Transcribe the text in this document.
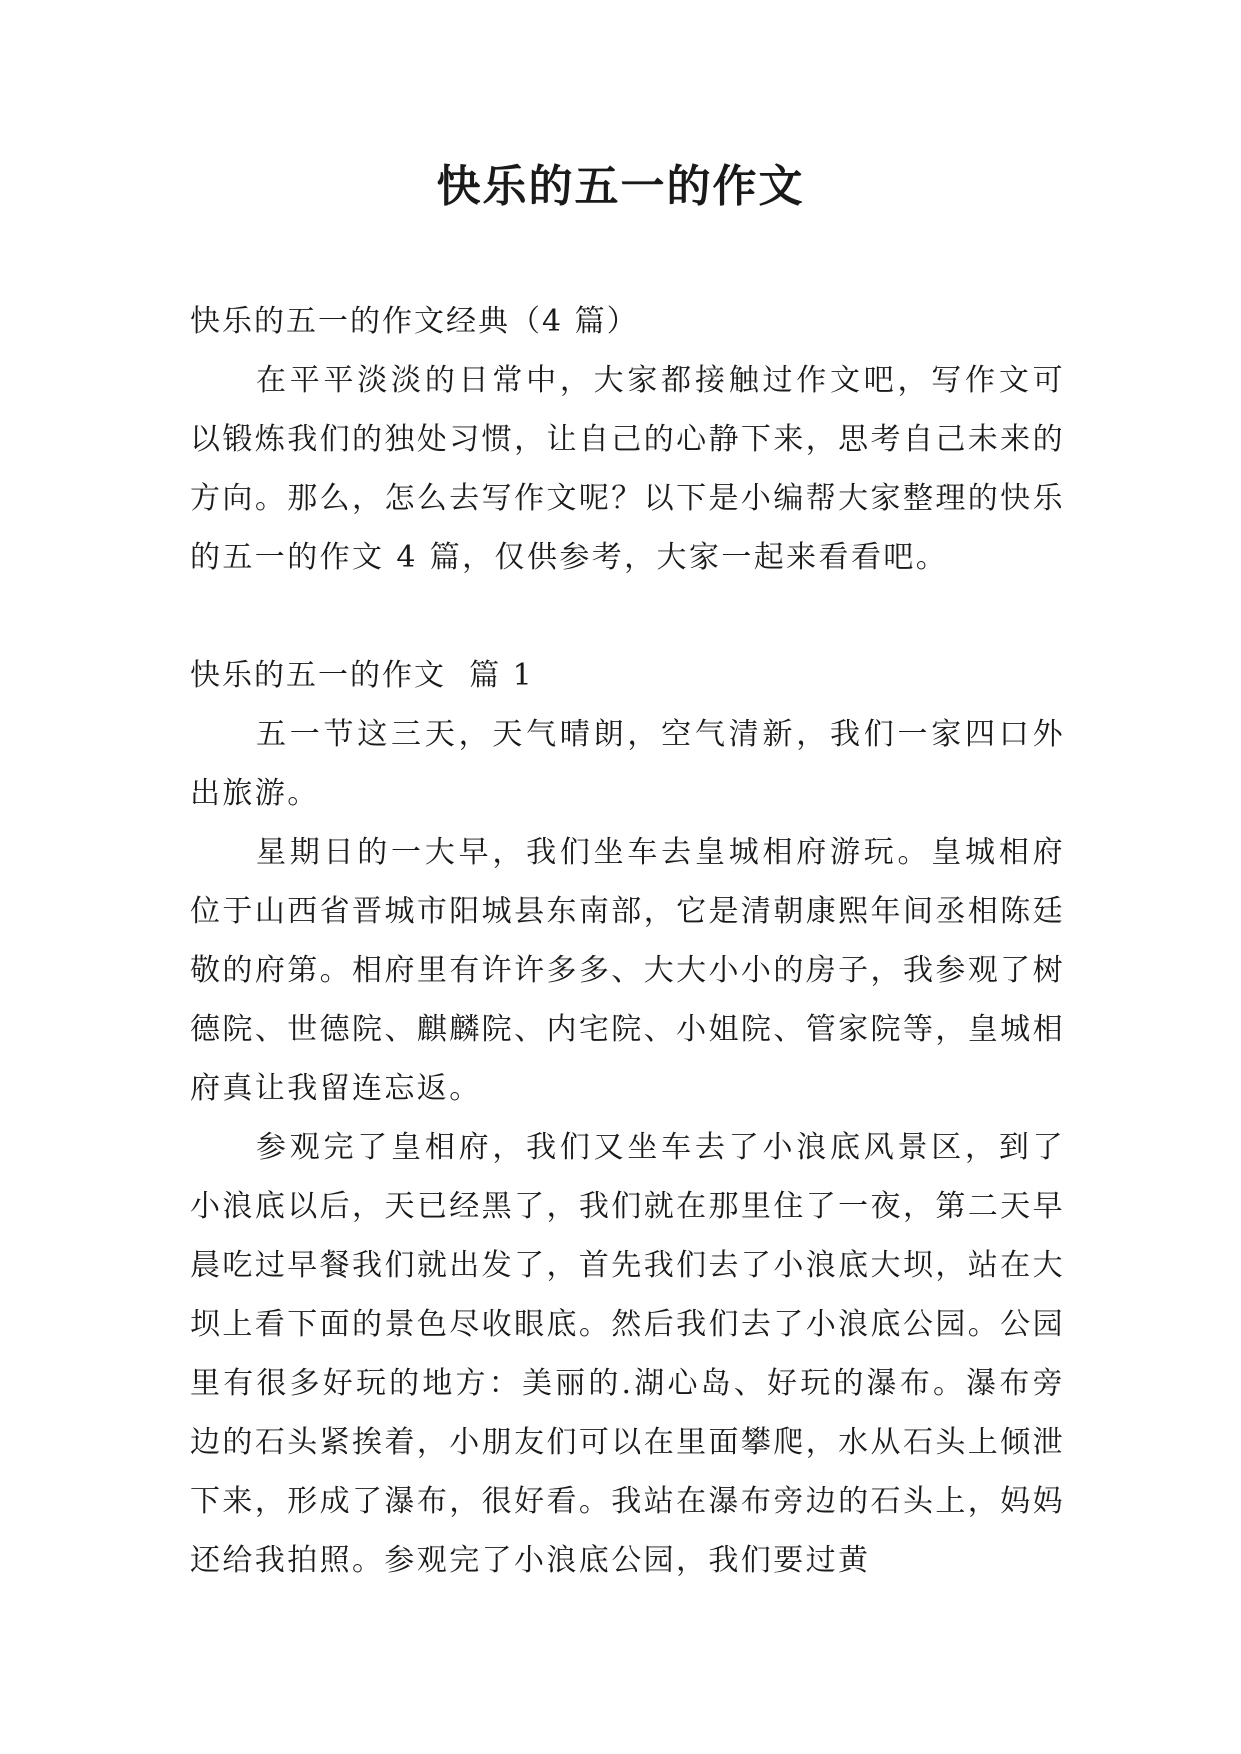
快乐的五一的作文

快乐的五一的作文经典（4 篇）

在平平淡淡的日常中，大家都接触过作文吧，写作文可以锻炼我们的独处习惯，让自己的心静下来，思考自己未来的方向。那么，怎么去写作文呢？以下是小编帮大家整理的快乐的五一的作文 4 篇，仅供参考，大家一起来看看吧。

快乐的五一的作文  篇 1

五一节这三天，天气晴朗，空气清新，我们一家四口外出旅游。

星期日的一大早，我们坐车去皇城相府游玩。皇城相府位于山西省晋城市阳城县东南部，它是清朝康熙年间丞相陈廷敬的府第。相府里有许许多多、大大小小的房子，我参观了树德院、世德院、麒麟院、内宅院、小姐院、管家院等，皇城相府真让我留连忘返。

参观完了皇相府，我们又坐车去了小浪底风景区，到了小浪底以后，天已经黑了，我们就在那里住了一夜，第二天早晨吃过早餐我们就出发了，首先我们去了小浪底大坝，站在大坝上看下面的景色尽收眼底。然后我们去了小浪底公园。公园里有很多好玩的地方：美丽的.湖心岛、好玩的瀑布。瀑布旁边的石头紧挨着，小朋友们可以在里面攀爬，水从石头上倾泄下来，形成了瀑布，很好看。我站在瀑布旁边的石头上，妈妈还给我拍照。参观完了小浪底公园，我们要过黄
